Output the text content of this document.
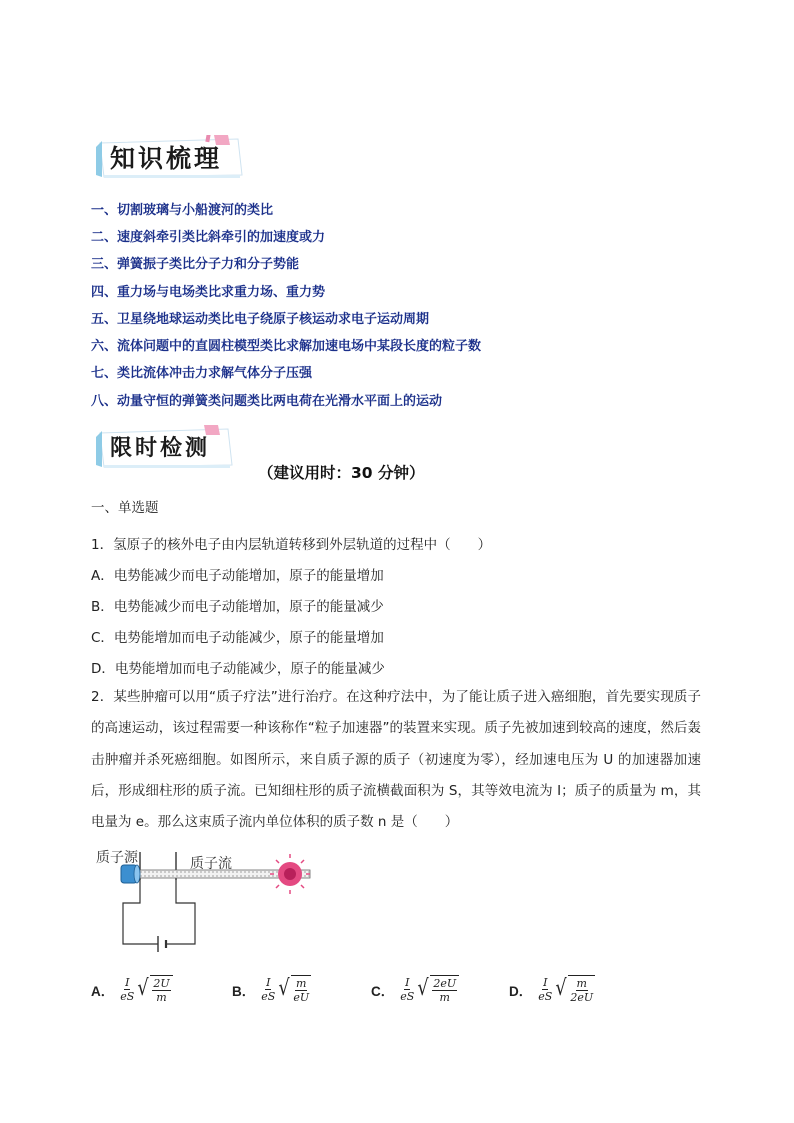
知识梳理
一、切割玻璃与小船渡河的类比
二、速度斜牵引类比斜牵引的加速度或力
三、弹簧振子类比分子力和分子势能
四、重力场与电场类比求重力场、重力势
五、卫星绕地球运动类比电子绕原子核运动求电子运动周期
六、流体问题中的直圆柱模型类比求解加速电场中某段长度的粒子数
七、类比流体冲击力求解气体分子压强
八、动量守恒的弹簧类问题类比两电荷在光滑水平面上的运动
限时检测
（建议用时：30 分钟）
一、单选题
1．氢原子的核外电子由内层轨道转移到外层轨道的过程中（　　）
A．电势能减少而电子动能增加，原子的能量增加
B．电势能减少而电子动能增加，原子的能量减少
C．电势能增加而电子动能减少，原子的能量增加
D．电势能增加而电子动能减少，原子的能量减少
2．某些肿瘤可以用“质子疗法”进行治疗。在这种疗法中，为了能让质子进入癌细胞，首先要实现质子的高速运动，该过程需要一种该称作“粒子加速器”的装置来实现。质子先被加速到较高的速度，然后轰击肿瘤并杀死癌细胞。如图所示，来自质子源的质子（初速度为零），经加速电压为 U 的加速器加速后，形成细柱形的质子流。已知细柱形的质子流横截面积为 S，其等效电流为 I；质子的质量为 m，其电量为 e。那么这束质子流内单位体积的质子数 n 是（　　）
质子源	质子流
A． $\frac{I}{eS}$ √ 2U
m	B． $\frac{I}{eS}$ √ m
eU	C． $\frac{I}{eS}$ √ 2eU
m	D． $\frac{I}{eS}$ √ m
2eU
